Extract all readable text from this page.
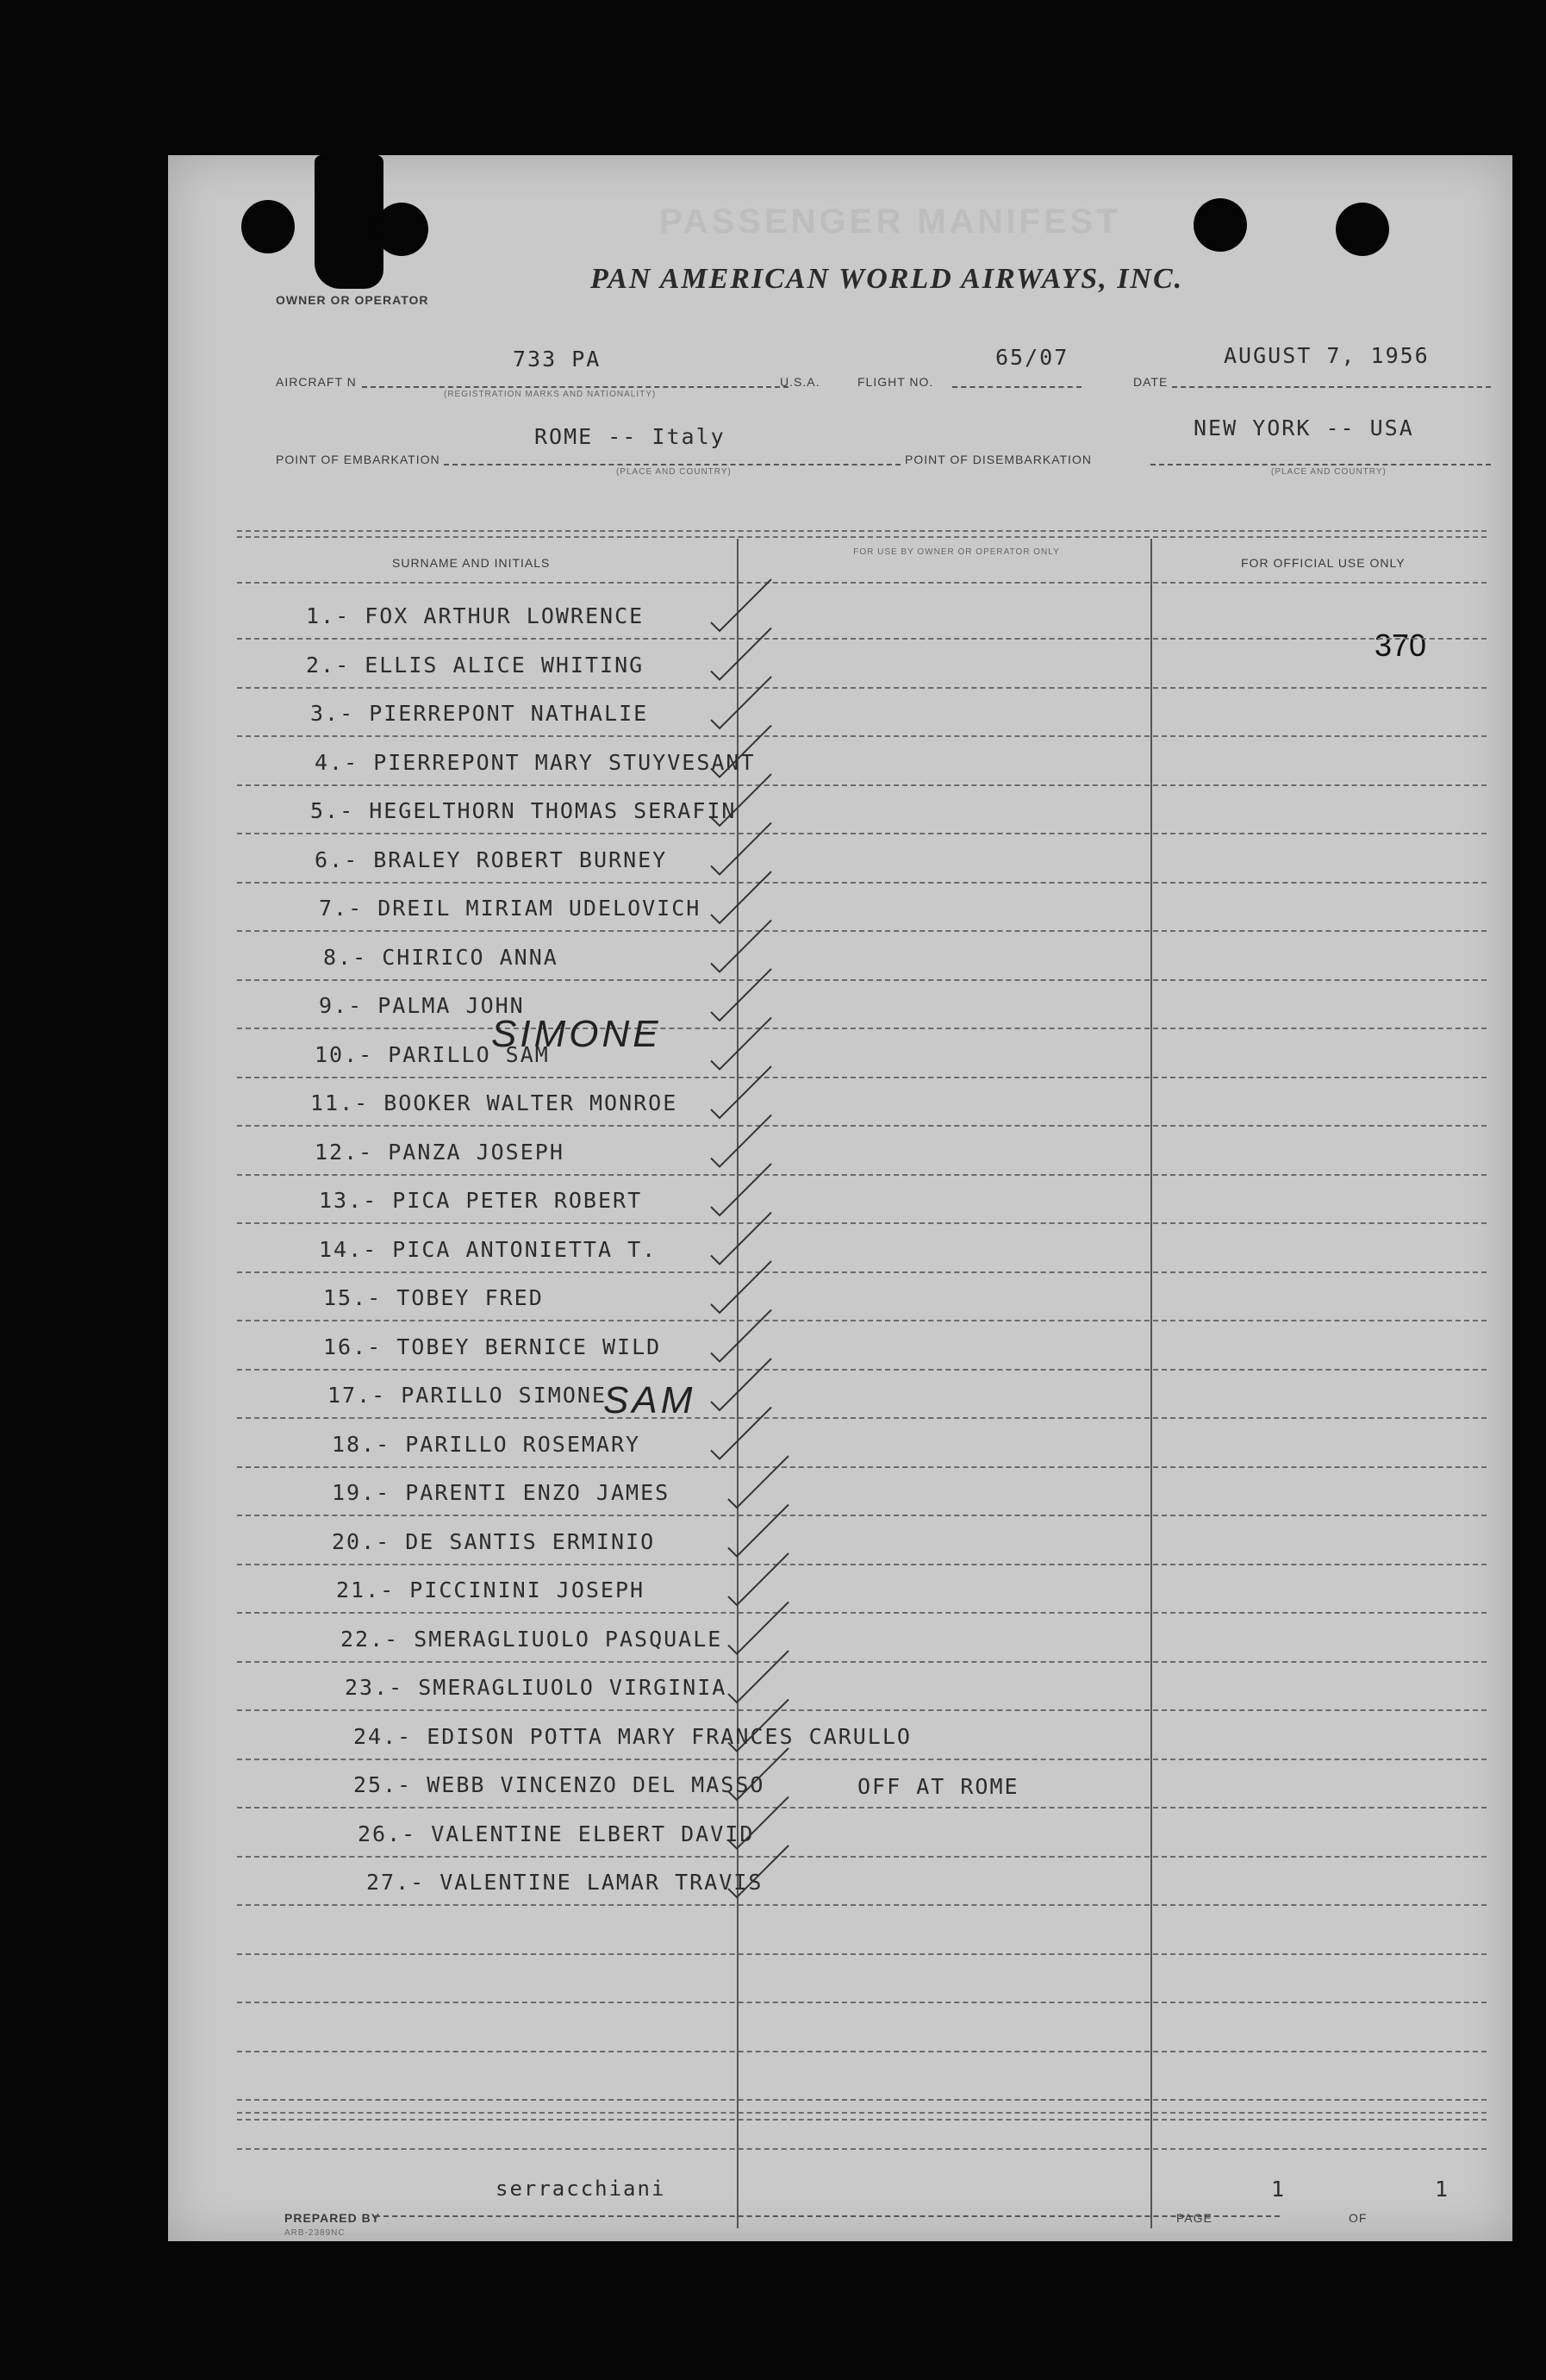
PASSENGER MANIFEST
OWNER OR OPERATOR
PAN AMERICAN WORLD AIRWAYS, INC.
AIRCRAFT N
733 PA
(REGISTRATION MARKS AND NATIONALITY)
U.S.A.	FLIGHT NO.
65/07
DATE
AUGUST 7, 1956
POINT OF EMBARKATION
ROME -- Italy
(PLACE AND COUNTRY)
POINT OF DISEMBARKATION
NEW YORK -- USA
(PLACE AND COUNTRY)
SURNAME AND INITIALS
FOR USE BY OWNER OR OPERATOR ONLY
FOR OFFICIAL USE ONLY
370
1.- FOX ARTHUR LOWRENCE
2.- ELLIS ALICE WHITING
3.- PIERREPONT NATHALIE
4.- PIERREPONT MARY STUYVESANT
5.- HEGELTHORN THOMAS SERAFIN
6.- BRALEY ROBERT BURNEY
7.- DREIL MIRIAM UDELOVICH
8.- CHIRICO ANNA
9.- PALMA JOHN
10.- PARILLO SAM
11.- BOOKER WALTER MONROE
12.- PANZA JOSEPH
13.- PICA PETER ROBERT
14.- PICA ANTONIETTA T.
15.- TOBEY FRED
16.- TOBEY BERNICE WILD
17.- PARILLO SIMONE
18.- PARILLO ROSEMARY
19.- PARENTI ENZO JAMES
20.- DE SANTIS ERMINIO
21.- PICCININI JOSEPH
22.- SMERAGLIUOLO PASQUALE
23.- SMERAGLIUOLO VIRGINIA
24.- EDISON POTTA MARY FRANCES CARULLO
25.- WEBB VINCENZO DEL MASSO
26.- VALENTINE ELBERT DAVID
27.- VALENTINE LAMAR TRAVIS
SIMONE
SAM
OFF AT ROME
PREPARED BY
serracchiani
PAGE
1
OF
1
ARB-2389NC
